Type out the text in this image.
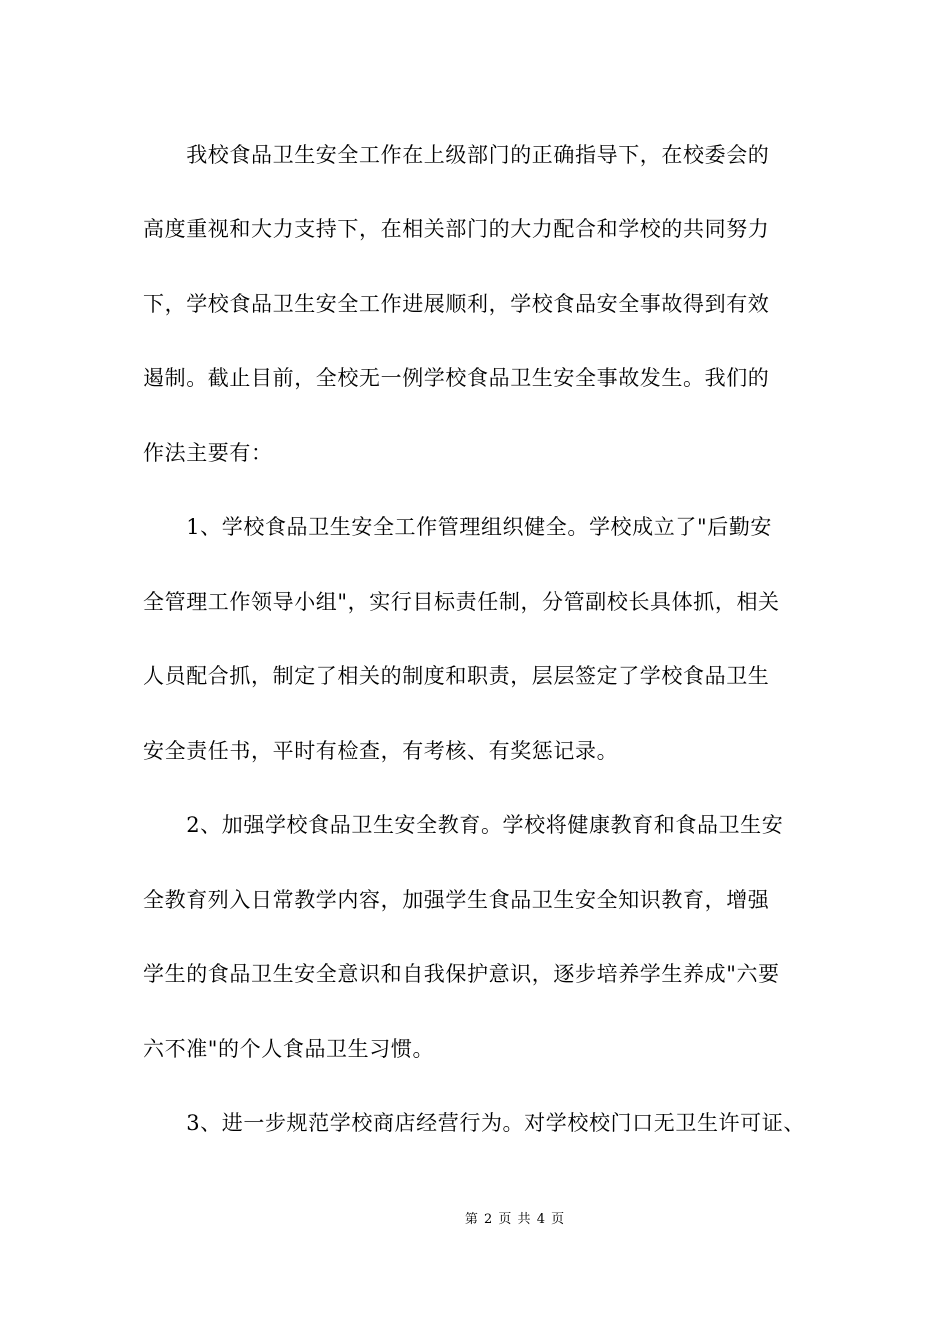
　　我校食品卫生安全工作在上级部门的正确指导下，在校委会的
高度重视和大力支持下，在相关部门的大力配合和学校的共同努力
下，学校食品卫生安全工作进展顺利，学校食品安全事故得到有效
遏制。截止目前，全校无一例学校食品卫生安全事故发生。我们的
作法主要有：
　　1、学校食品卫生安全工作管理组织健全。学校成立了"后勤安
全管理工作领导小组"，实行目标责任制，分管副校长具体抓，相关
人员配合抓，制定了相关的制度和职责，层层签定了学校食品卫生
安全责任书，平时有检查，有考核、有奖惩记录。
　　2、加强学校食品卫生安全教育。学校将健康教育和食品卫生安
全教育列入日常教学内容，加强学生食品卫生安全知识教育，增强
学生的食品卫生安全意识和自我保护意识，逐步培养学生养成"六要
六不准"的个人食品卫生习惯。
　　3、进一步规范学校商店经营行为。对学校校门口无卫生许可证、
第 2 页 共 4 页
